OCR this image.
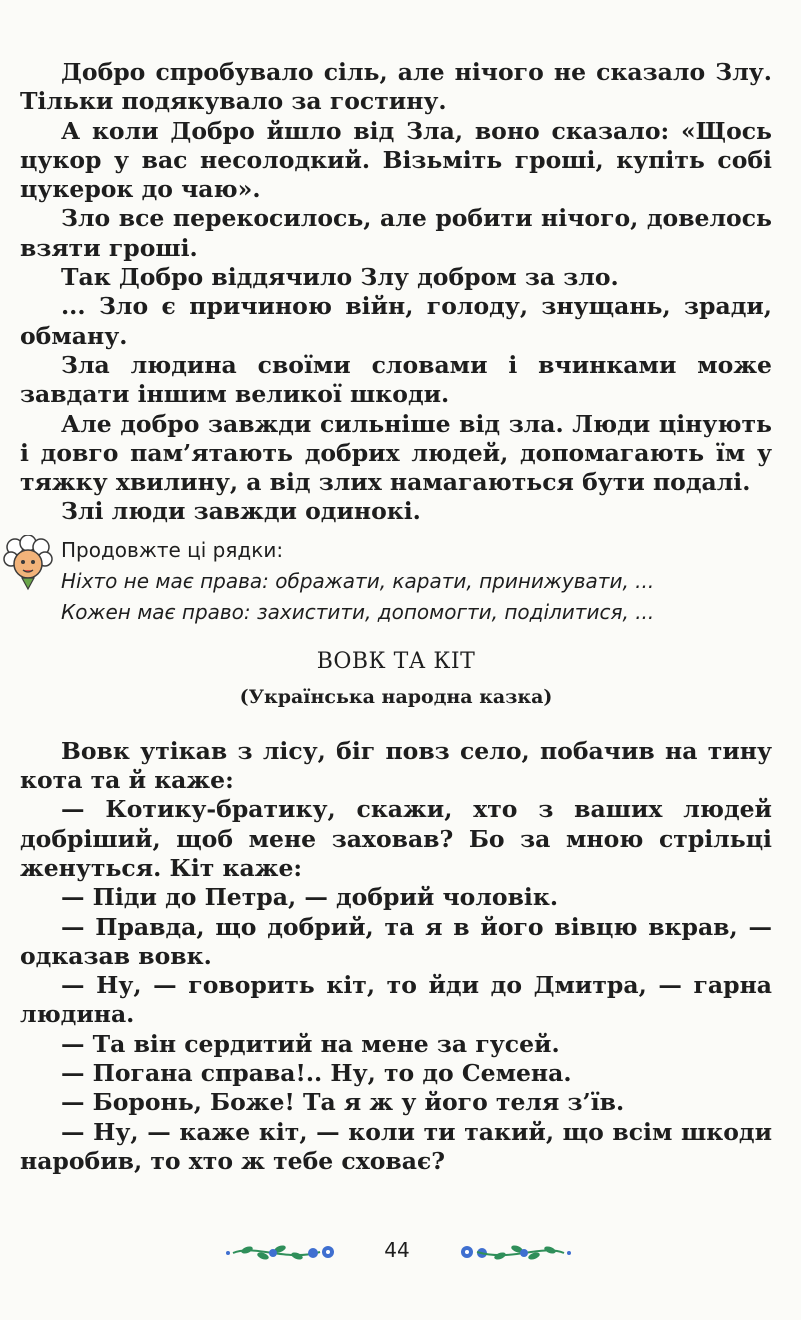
Добро спробувало сіль, але нічого не сказало Злу. Тільки подякувало за гостину.

А коли Добро йшло від Зла, воно сказало: «Щось цукор у вас несолодкий. Візьміть гроші, купіть собі цукерок до чаю».

Зло все перекосилось, але робити нічого, довелось взяти гроші.

Так Добро віддячило Злу добром за зло.

... Зло є причиною війн, голоду, знущань, зради, обману.

Зла людина своїми словами і вчинками може завдати іншим великої шкоди.

Але добро завжди сильніше від зла. Люди цінують і довго пам’ятають добрих людей, допомагають їм у тяжку хвилину, а від злих намагаються бути подалі.

Злі люди завжди одинокі.

Продовжте ці рядки:

Ніхто не має права: ображати, карати, принижувати, ...

Кожен має право: захистити, допомогти, поділитися, ...

ВОВК ТА КІТ

(Українська народна казка)

Вовк утікав з лісу, біг повз село, побачив на тину кота та й каже:

— Котику-братику, скажи, хто з ваших людей добріший, щоб мене заховав? Бо за мною стрільці женуться. Кіт каже:

— Піди до Петра, — добрий чоловік.

— Правда, що добрий, та я в його вівцю вкрав, — одказав вовк.

— Ну, — говорить кіт, то йди до Дмитра, — гарна людина.

— Та він сердитий на мене за гусей.

— Погана справа!.. Ну, то до Семена.

— Боронь, Боже! Та я ж у його теля з’їв.

— Ну, — каже кіт, — коли ти такий, що всім шкоди наробив, то хто ж тебе сховає?

44
